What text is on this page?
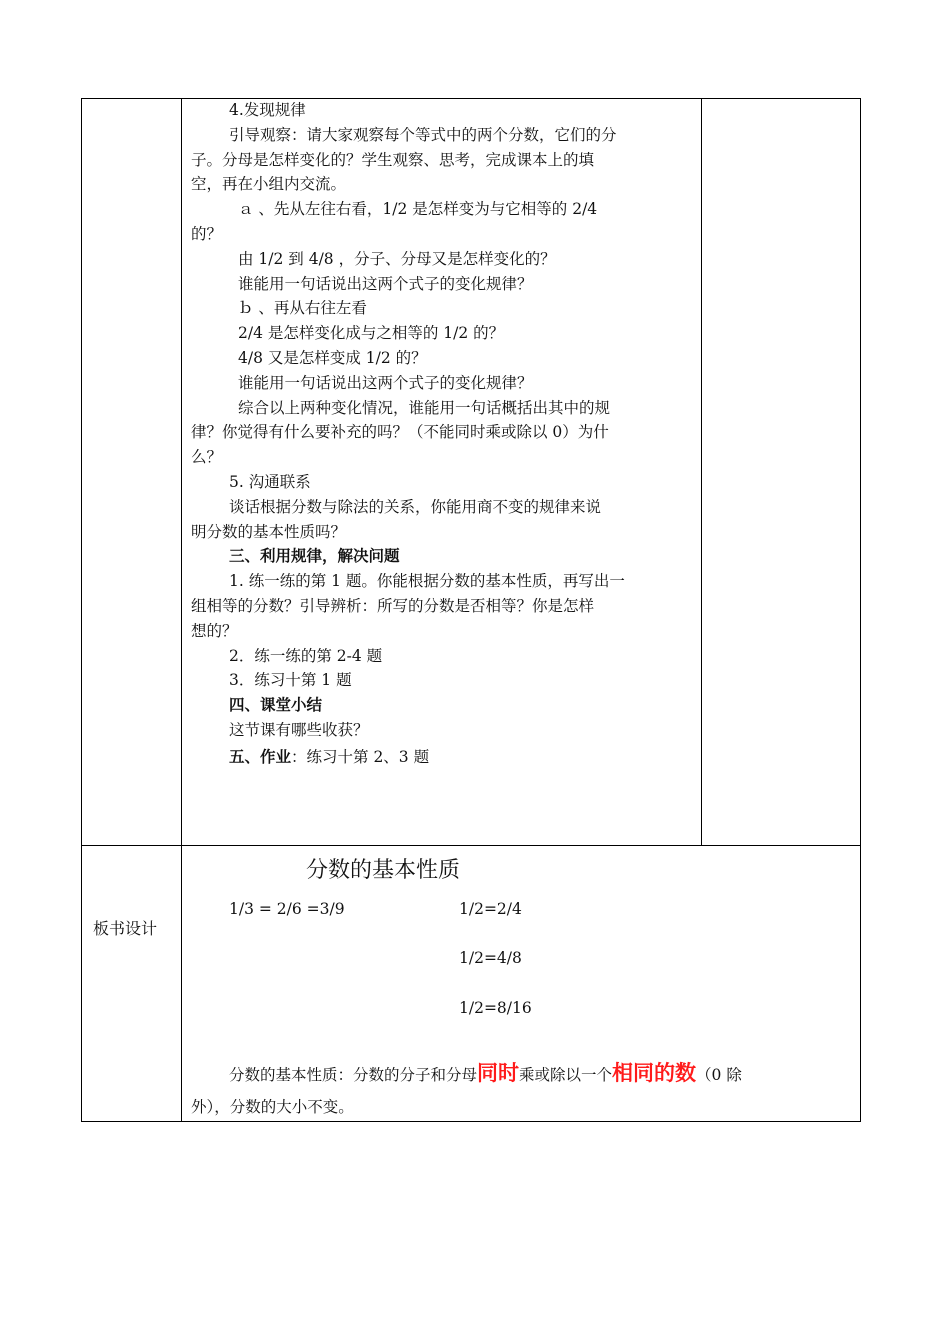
4.发现规律
引导观察：请大家观察每个等式中的两个分数，它们的分
子。分母是怎样变化的？学生观察、思考，完成课本上的填
空，再在小组内交流。
ａ 、先从左往右看，1/2 是怎样变为与它相等的 2/4
的？
由 1/2 到 4/8 ，分子、分母又是怎样变化的？
谁能用一句话说出这两个式子的变化规律？
ｂ 、再从右往左看
2/4 是怎样变化成与之相等的 1/2 的？
4/8 又是怎样变成 1/2 的？
谁能用一句话说出这两个式子的变化规律？
综合以上两种变化情况，谁能用一句话概括出其中的规
律？你觉得有什么要补充的吗？（不能同时乘或除以 0）为什
么？
5. 沟通联系
谈话根据分数与除法的关系，你能用商不变的规律来说
明分数的基本性质吗？
三、利用规律，解决问题
1. 练一练的第 1 题。你能根据分数的基本性质，再写出一
组相等的分数？引导辨析：所写的分数是否相等？你是怎样
想的？
2．练一练的第 2-4 题
3．练习十第 1 题
四、课堂小结
这节课有哪些收获？
五、作业：练习十第 2、3 题
板书设计
分数的基本性质
1/3 = 2/6 =3/9	1/2=2/4
1/2=4/8
1/2=8/16
分数的基本性质：分数的分子和分母同时乘或除以一个相同的数（0 除
外），分数的大小不变。
